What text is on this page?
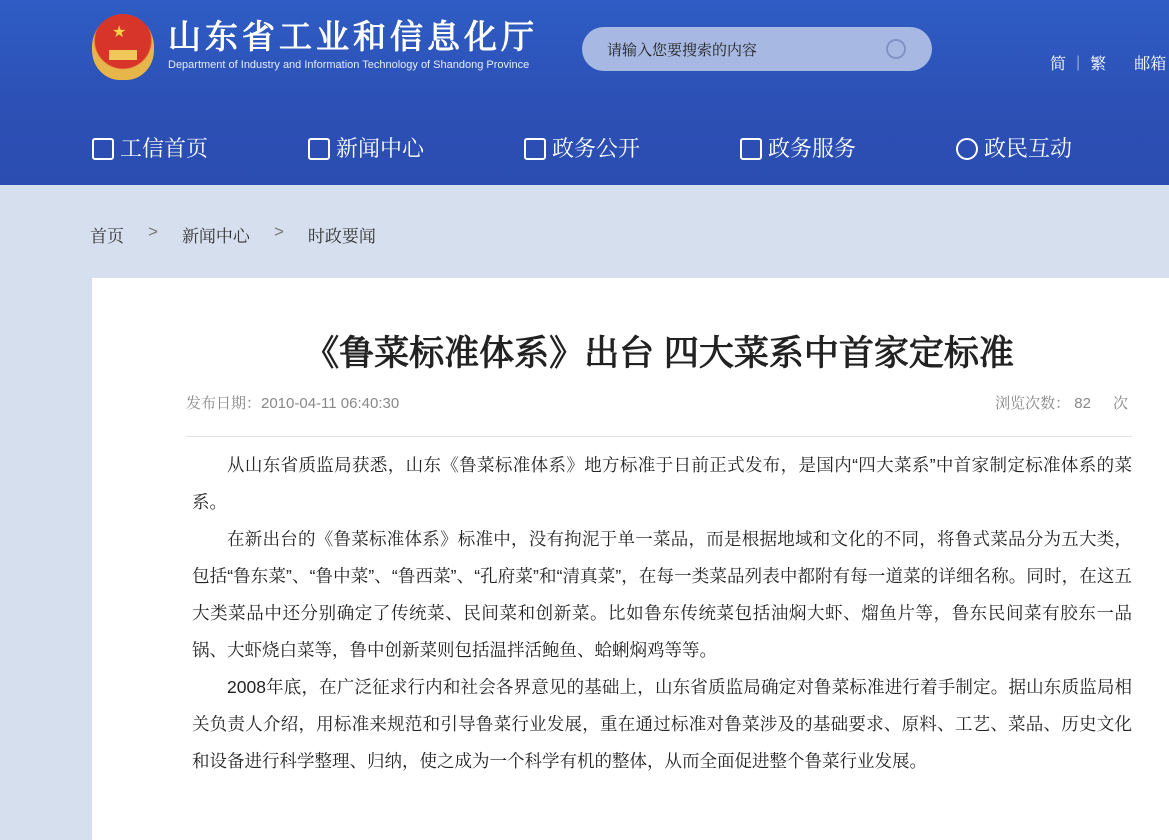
★ 山东省工业和信息化厅
Department of Industry and Information Technology of Shandong Province
请输入您要搜索的内容
简 | 繁 邮箱
工信首页	新闻中心	政务公开	政务服务	政民互动
首页 > 新闻中心 > 时政要闻
《鲁菜标准体系》出台 四大菜系中首家定标准
发布日期：2010-04-11 06:40:30	浏览次数： 82 次

从山东省质监局获悉，山东《鲁菜标准体系》地方标准于日前正式发布，是国内“四大菜系”中首家制定标准体系的菜系。

在新出台的《鲁菜标准体系》标准中，没有拘泥于单一菜品，而是根据地域和文化的不同，将鲁式菜品分为五大类，包括“鲁东菜”、“鲁中菜”、“鲁西菜”、“孔府菜”和“清真菜”，在每一类菜品列表中都附有每一道菜的详细名称。同时，在这五大类菜品中还分别确定了传统菜、民间菜和创新菜。比如鲁东传统菜包括油焖大虾、熘鱼片等，鲁东民间菜有胶东一品锅、大虾烧白菜等，鲁中创新菜则包括温拌活鲍鱼、蛤蜊焖鸡等等。

2008年底，在广泛征求行内和社会各界意见的基础上，山东省质监局确定对鲁菜标准进行着手制定。据山东质监局相关负责人介绍，用标准来规范和引导鲁菜行业发展，重在通过标准对鲁菜涉及的基础要求、原料、工艺、菜品、历史文化和设备进行科学整理、归纳，使之成为一个科学有机的整体，从而全面促进整个鲁菜行业发展。
